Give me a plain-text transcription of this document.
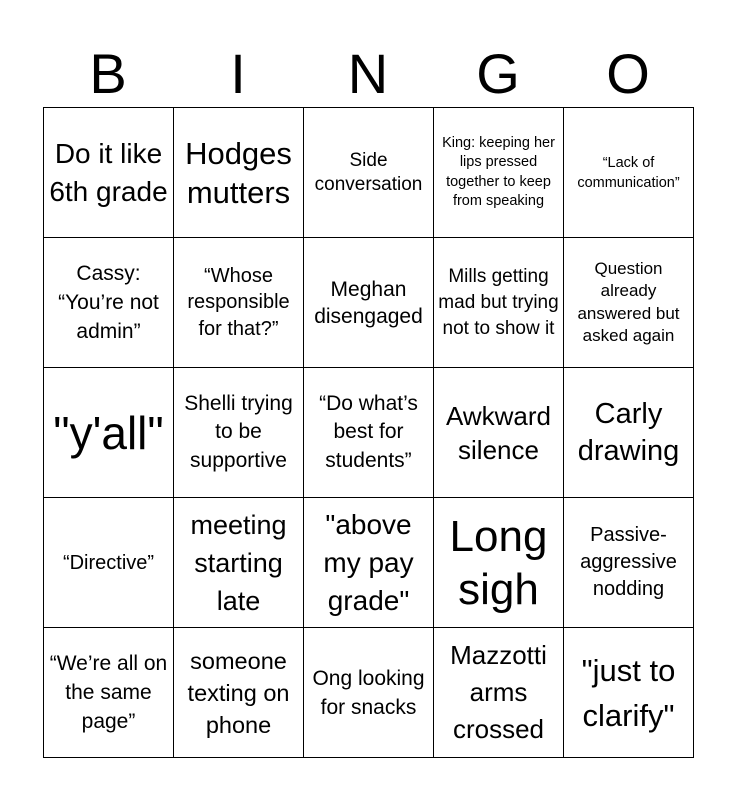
B	I	N	G	O
Do it like 6th grade	Hodges mutters	Side conversation	King: keeping her lips pressed together to keep from speaking	“Lack of communication”

Cassy: “You’re not admin”	“Whose responsible for that?”	Meghan disengaged	Mills getting mad but trying not to show it	Question already answered but asked again

"y'all"	Shelli trying to be supportive	“Do what’s best for students”	Awkward silence	Carly drawing

“Directive”	meeting starting late	"above my pay grade"	Long sigh	Passive-aggressive nodding

“We’re all on the same page”	someone texting on phone	Ong looking for snacks	Mazzotti arms crossed	"just to clarify"
